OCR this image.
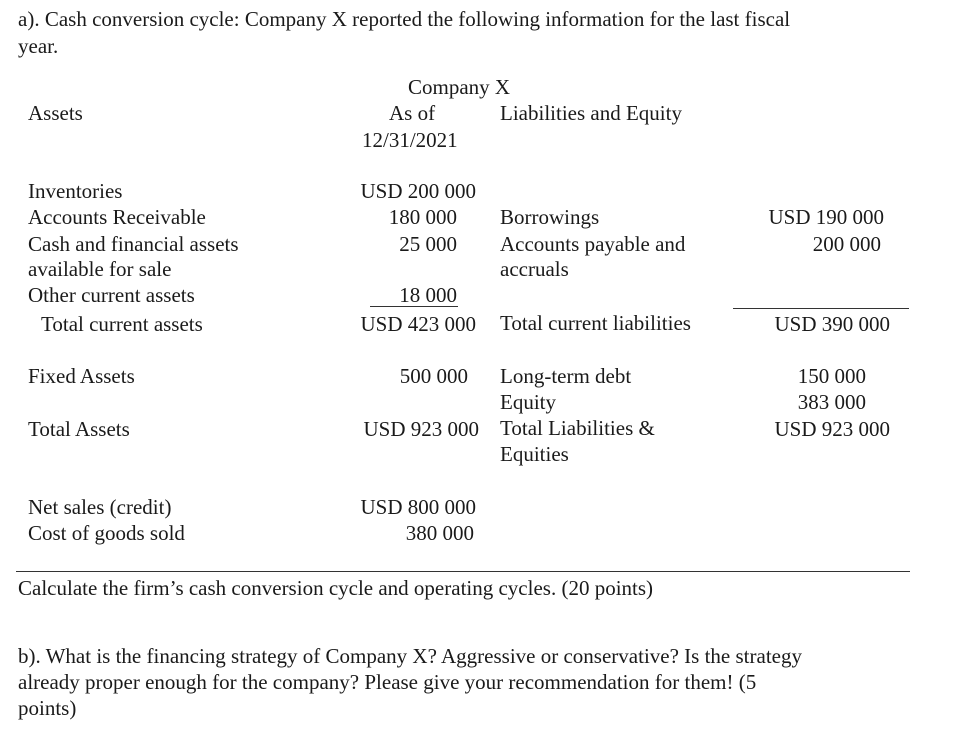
a). Cash conversion cycle: Company X reported the following information for the last fiscal
year.
Assets
Company X
As of
12/31/2021
Liabilities and Equity
Inventories
Accounts Receivable
Cash and financial assets
available for sale
Other current assets
Total current assets
Fixed Assets
Total Assets
USD 200 000
180 000
25 000
18 000
USD 423 000
500 000
USD 923 000
Borrowings
Accounts payable and
accruals
Total current liabilities
Long-term debt
Equity
Total Liabilities &
Equities
USD 190 000
200 000
USD 390 000
150 000
383 000
USD 923 000
Net sales (credit)
Cost of goods sold
USD 800 000
380 000
Calculate the firm’s cash conversion cycle and operating cycles. (20 points)
b). What is the financing strategy of Company X? Aggressive or conservative? Is the strategy
already proper enough for the company? Please give your recommendation for them! (5
points)
